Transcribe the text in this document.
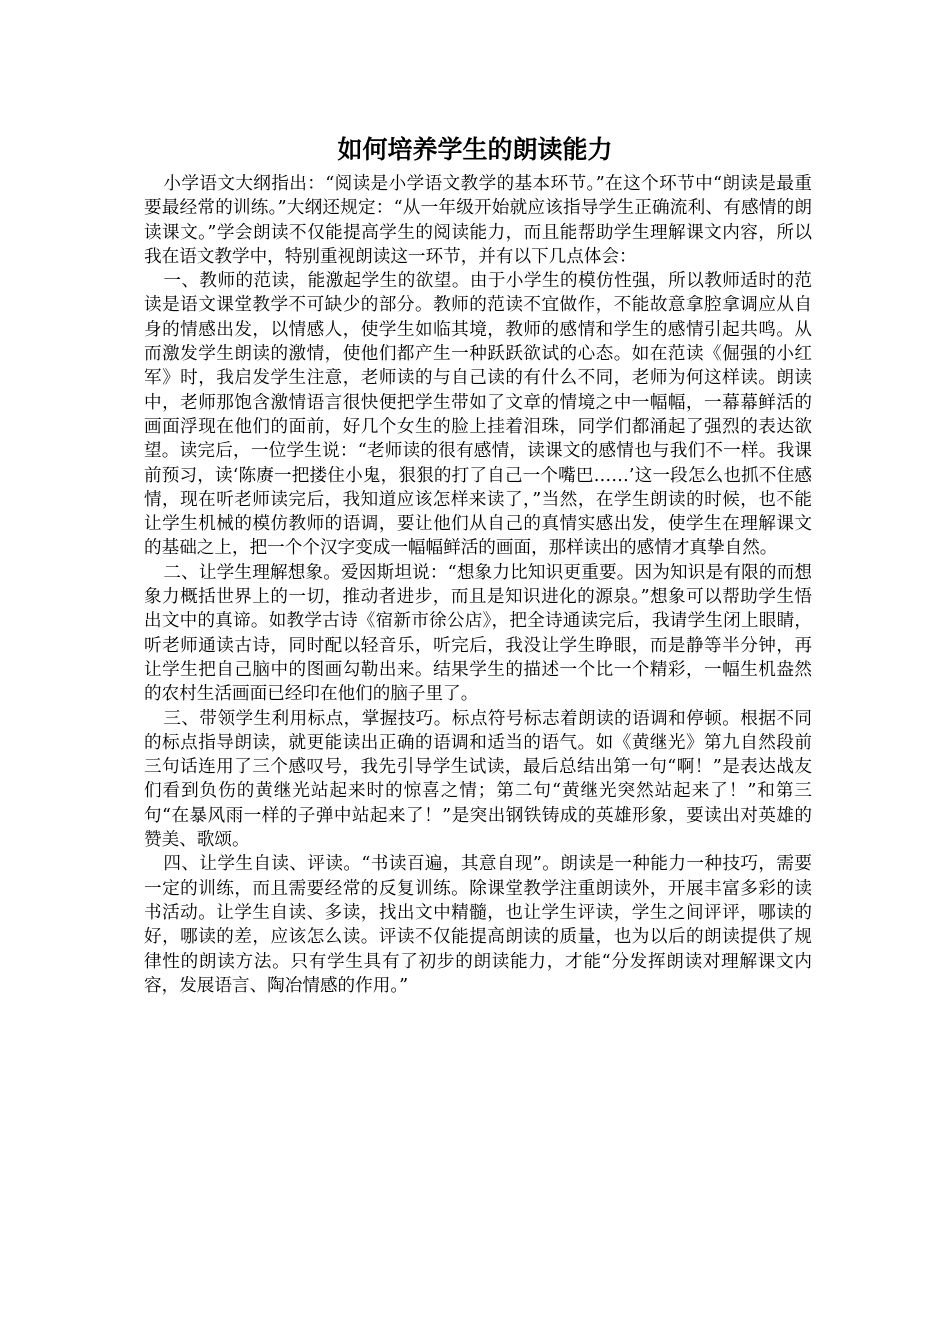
如何培养学生的朗读能力

小学语文大纲指出：“阅读是小学语文教学的基本环节。”在这个环节中“朗读是最重要最经常的训练。”大纲还规定：“从一年级开始就应该指导学生正确流利、有感情的朗读课文。”学会朗读不仅能提高学生的阅读能力，而且能帮助学生理解课文内容，所以我在语文教学中，特别重视朗读这一环节，并有以下几点体会：

一、教师的范读，能激起学生的欲望。由于小学生的模仿性强，所以教师适时的范读是语文课堂教学不可缺少的部分。教师的范读不宜做作，不能故意拿腔拿调应从自身的情感出发，以情感人，使学生如临其境，教师的感情和学生的感情引起共鸣。从而激发学生朗读的激情，使他们都产生一种跃跃欲试的心态。如在范读《倔强的小红军》时，我启发学生注意，老师读的与自己读的有什么不同，老师为何这样读。朗读中，老师那饱含激情语言很快便把学生带如了文章的情境之中一幅幅，一幕幕鲜活的画面浮现在他们的面前，好几个女生的脸上挂着泪珠，同学们都涌起了强烈的表达欲望。读完后，一位学生说：“老师读的很有感情，读课文的感情也与我们不一样。我课前预习，读‘陈赓一把搂住小鬼，狠狠的打了自己一个嘴巴……’这一段怎么也抓不住感情，现在听老师读完后，我知道应该怎样来读了，”当然，在学生朗读的时候，也不能让学生机械的模仿教师的语调，要让他们从自己的真情实感出发，使学生在理解课文的基础之上，把一个个汉字变成一幅幅鲜活的画面，那样读出的感情才真挚自然。

二、让学生理解想象。爱因斯坦说：“想象力比知识更重要。因为知识是有限的而想象力概括世界上的一切，推动者进步，而且是知识进化的源泉。”想象可以帮助学生悟出文中的真谛。如教学古诗《宿新市徐公店》，把全诗通读完后，我请学生闭上眼睛，听老师通读古诗，同时配以轻音乐，听完后，我没让学生睁眼，而是静等半分钟，再让学生把自己脑中的图画勾勒出来。结果学生的描述一个比一个精彩，一幅生机盎然的农村生活画面已经印在他们的脑子里了。

三、带领学生利用标点，掌握技巧。标点符号标志着朗读的语调和停顿。根据不同的标点指导朗读，就更能读出正确的语调和适当的语气。如《黄继光》第九自然段前三句话连用了三个感叹号，我先引导学生试读，最后总结出第一句“啊！”是表达战友们看到负伤的黄继光站起来时的惊喜之情；第二句“黄继光突然站起来了！”和第三句“在暴风雨一样的子弹中站起来了！”是突出钢铁铸成的英雄形象，要读出对英雄的赞美、歌颂。

四、让学生自读、评读。“书读百遍，其意自现”。朗读是一种能力一种技巧，需要一定的训练，而且需要经常的反复训练。除课堂教学注重朗读外，开展丰富多彩的读书活动。让学生自读、多读，找出文中精髓，也让学生评读，学生之间评评，哪读的好，哪读的差，应该怎么读。评读不仅能提高朗读的质量，也为以后的朗读提供了规律性的朗读方法。只有学生具有了初步的朗读能力，才能“分发挥朗读对理解课文内容，发展语言、陶冶情感的作用。”
